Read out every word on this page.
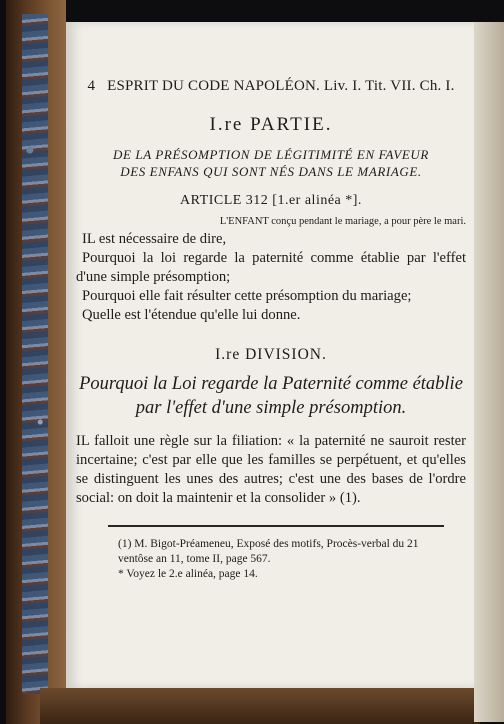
4 ESPRIT DU CODE NAPOLÉON. Liv. I. Tit. VII. Ch. I.
I.re PARTIE.
DE LA PRÉSOMPTION DE LÉGITIMITÉ EN FAVEUR
DES ENFANS QUI SONT NÉS DANS LE MARIAGE.
ARTICLE 312 [1.er alinéa *].
L'ENFANT conçu pendant le mariage, a pour père le mari.

IL est nécessaire de dire,

Pourquoi la loi regarde la paternité comme établie par l'effet d'une simple présomption;

Pourquoi elle fait résulter cette présomption du mariage;

Quelle est l'étendue qu'elle lui donne.

I.re DIVISION.
Pourquoi la Loi regarde la Paternité comme établie par l'effet d'une simple présomption.
IL falloit une règle sur la filiation: « la paternité ne sauroit rester incertaine; c'est par elle que les familles se perpétuent, et qu'elles se distinguent les unes des autres; c'est une des bases de l'ordre social: on doit la maintenir et la consolider » (1).

(1) M. Bigot-Préameneu, Exposé des motifs, Procès-verbal du 21 ventôse an 11, tome II, page 567.

* Voyez le 2.e alinéa, page 14.
